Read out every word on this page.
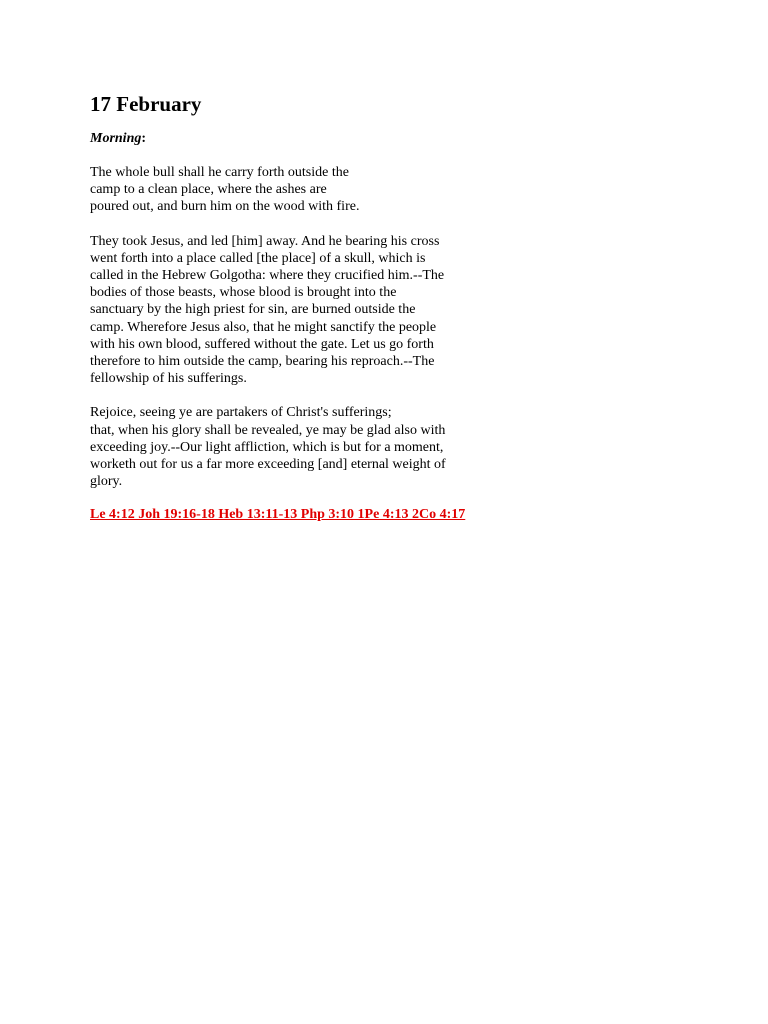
17 February

Morning:

The whole bull shall he carry forth outside the
camp to a clean place, where the ashes are
poured out, and burn him on the wood with fire.

They took Jesus, and led [him] away. And he bearing his cross
went forth into a place called [the place] of a skull, which is
called in the Hebrew Golgotha: where they crucified him.--The
bodies of those beasts, whose blood is brought into the
sanctuary by the high priest for sin, are burned outside the
camp. Wherefore Jesus also, that he might sanctify the people
with his own blood, suffered without the gate. Let us go forth
therefore to him outside the camp, bearing his reproach.--The
fellowship of his sufferings.

Rejoice, seeing ye are partakers of Christ's sufferings;
that, when his glory shall be revealed, ye may be glad also with
exceeding joy.--Our light affliction, which is but for a moment,
worketh out for us a far more exceeding [and] eternal weight of
glory.

Le 4:12 Joh 19:16-18 Heb 13:11-13 Php 3:10 1Pe 4:13 2Co 4:17
